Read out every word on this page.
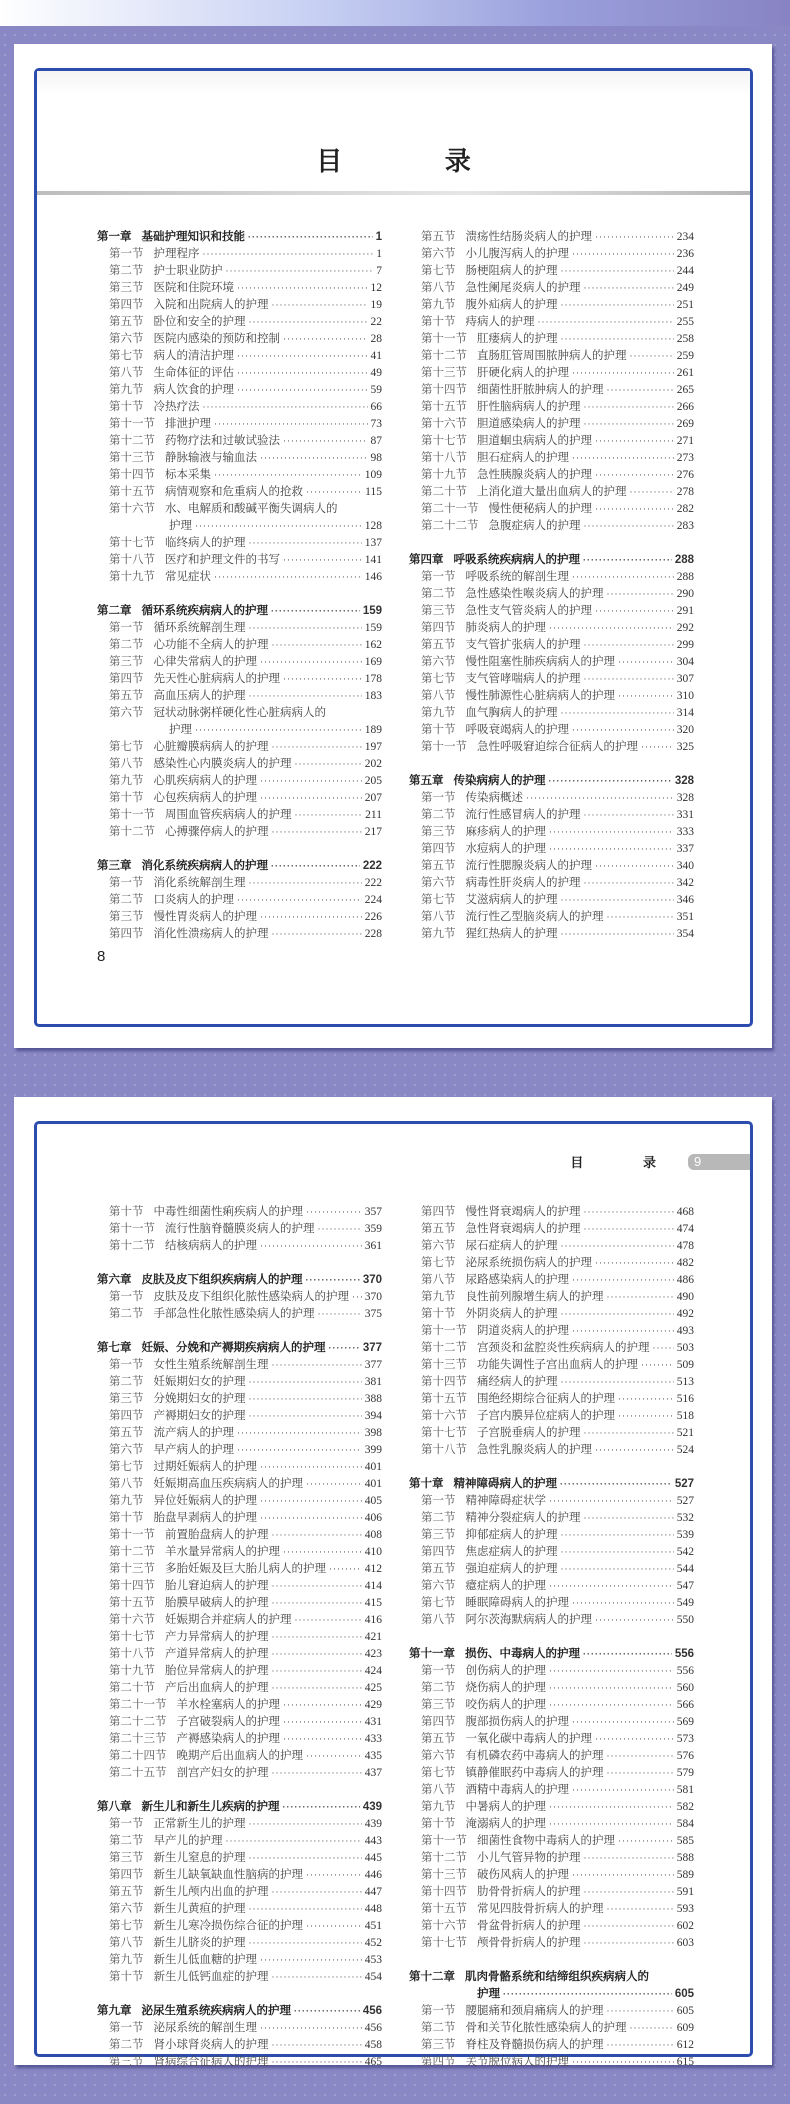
目 录
第一章 基础护理知识和技能 ·····	1
第一节 护理程序 ·····	1
第二节 护士职业防护 ·····	7
第三节 医院和住院环境 ·····	12
第四节 入院和出院病人的护理 ·····	19
第五节 卧位和安全的护理 ·····	22
第六节 医院内感染的预防和控制 ·····	28
第七节 病人的清洁护理 ·····	41
第八节 生命体征的评估 ·····	49
第九节 病人饮食的护理 ·····	59
第十节 冷热疗法 ·····	66
第十一节 排泄护理 ·····	73
第十二节 药物疗法和过敏试验法 ·····	87
第十三节 静脉输液与输血法 ·····	98
第十四节 标本采集 ·····	109
第十五节 病情观察和危重病人的抢救 ·····	115
第十六节 水、电解质和酸碱平衡失调病人的
护理 ·····	128
第十七节 临终病人的护理 ·····	137
第十八节 医疗和护理文件的书写 ·····	141
第十九节 常见症状 ·····	146
第二章 循环系统疾病病人的护理 ·····	159
第一节 循环系统解剖生理 ·····	159
第二节 心功能不全病人的护理 ·····	162
第三节 心律失常病人的护理 ·····	169
第四节 先天性心脏病病人的护理 ·····	178
第五节 高血压病人的护理 ·····	183
第六节 冠状动脉粥样硬化性心脏病病人的
护理 ·····	189
第七节 心脏瓣膜病病人的护理 ·····	197
第八节 感染性心内膜炎病人的护理 ·····	202
第九节 心肌疾病病人的护理 ·····	205
第十节 心包疾病病人的护理 ·····	207
第十一节 周围血管疾病病人的护理 ·····	211
第十二节 心搏骤停病人的护理 ·····	217
第三章 消化系统疾病病人的护理 ·····	222
第一节 消化系统解剖生理 ·····	222
第二节 口炎病人的护理 ·····	224
第三节 慢性胃炎病人的护理 ·····	226
第四节 消化性溃疡病人的护理 ·····	228
第五节 溃疡性结肠炎病人的护理 ·····	234
第六节 小儿腹泻病人的护理 ·····	236
第七节 肠梗阻病人的护理 ·····	244
第八节 急性阑尾炎病人的护理 ·····	249
第九节 腹外疝病人的护理 ·····	251
第十节 痔病人的护理 ·····	255
第十一节 肛瘘病人的护理 ·····	258
第十二节 直肠肛管周围脓肿病人的护理 ·····	259
第十三节 肝硬化病人的护理 ·····	261
第十四节 细菌性肝脓肿病人的护理 ·····	265
第十五节 肝性脑病病人的护理 ·····	266
第十六节 胆道感染病人的护理 ·····	269
第十七节 胆道蛔虫病病人的护理 ·····	271
第十八节 胆石症病人的护理 ·····	273
第十九节 急性胰腺炎病人的护理 ·····	276
第二十节 上消化道大量出血病人的护理 ·····	278
第二十一节 慢性便秘病人的护理 ·····	282
第二十二节 急腹症病人的护理 ·····	283
第四章 呼吸系统疾病病人的护理 ·····	288
第一节 呼吸系统的解剖生理 ·····	288
第二节 急性感染性喉炎病人的护理 ·····	290
第三节 急性支气管炎病人的护理 ·····	291
第四节 肺炎病人的护理 ·····	292
第五节 支气管扩张病人的护理 ·····	299
第六节 慢性阻塞性肺疾病病人的护理 ·····	304
第七节 支气管哮喘病人的护理 ·····	307
第八节 慢性肺源性心脏病病人的护理 ·····	310
第九节 血气胸病人的护理 ·····	314
第十节 呼吸衰竭病人的护理 ·····	320
第十一节 急性呼吸窘迫综合征病人的护理 ·····	325
第五章 传染病病人的护理 ·····	328
第一节 传染病概述 ·····	328
第二节 流行性感冒病人的护理 ·····	331
第三节 麻疹病人的护理 ·····	333
第四节 水痘病人的护理 ·····	337
第五节 流行性腮腺炎病人的护理 ·····	340
第六节 病毒性肝炎病人的护理 ·····	342
第七节 艾滋病病人的护理 ·····	346
第八节 流行性乙型脑炎病人的护理 ·····	351
第九节 猩红热病人的护理 ·····	354
8
目 录 9
第十节 中毒性细菌性痢疾病人的护理 ·····	357
第十一节 流行性脑脊髓膜炎病人的护理 ·····	359
第十二节 结核病病人的护理 ·····	361
第六章 皮肤及皮下组织疾病病人的护理 ·····	370
第一节 皮肤及皮下组织化脓性感染病人的护理 ····· 370
第二节 手部急性化脓性感染病人的护理 ·····	375
第七章 妊娠、分娩和产褥期疾病病人的护理 ·····	377
第一节 女性生殖系统解剖生理 ·····	377
第二节 妊娠期妇女的护理 ·····	381
第三节 分娩期妇女的护理 ·····	388
第四节 产褥期妇女的护理 ·····	394
第五节 流产病人的护理 ·····	398
第六节 早产病人的护理 ·····	399
第七节 过期妊娠病人的护理 ·····	401
第八节 妊娠期高血压疾病病人的护理 ·····	401
第九节 异位妊娠病人的护理 ·····	405
第十节 胎盘早剥病人的护理 ·····	406
第十一节 前置胎盘病人的护理 ·····	408
第十二节 羊水量异常病人的护理 ·····	410
第十三节 多胎妊娠及巨大胎儿病人的护理 ·····	412
第十四节 胎儿窘迫病人的护理 ·····	414
第十五节 胎膜早破病人的护理 ·····	415
第十六节 妊娠期合并症病人的护理 ·····	416
第十七节 产力异常病人的护理 ·····	421
第十八节 产道异常病人的护理 ·····	423
第十九节 胎位异常病人的护理 ·····	424
第二十节 产后出血病人的护理 ·····	425
第二十一节 羊水栓塞病人的护理 ·····	429
第二十二节 子宫破裂病人的护理 ·····	431
第二十三节 产褥感染病人的护理 ·····	433
第二十四节 晚期产后出血病人的护理 ·····	435
第二十五节 剖宫产妇女的护理 ·····	437
第八章 新生儿和新生儿疾病的护理 ·····	439
第一节 正常新生儿的护理 ·····	439
第二节 早产儿的护理 ·····	443
第三节 新生儿窒息的护理 ·····	445
第四节 新生儿缺氧缺血性脑病的护理 ·····	446
第五节 新生儿颅内出血的护理 ·····	447
第六节 新生儿黄疸的护理 ·····	448
第七节 新生儿寒冷损伤综合征的护理 ·····	451
第八节 新生儿脐炎的护理 ·····	452
第九节 新生儿低血糖的护理 ·····	453
第十节 新生儿低钙血症的护理 ·····	454
第九章 泌尿生殖系统疾病病人的护理 ·····	456
第一节 泌尿系统的解剖生理 ·····	456
第二节 肾小球肾炎病人的护理 ·····	458
第三节 肾病综合征病人的护理 ·····	465
第四节 慢性肾衰竭病人的护理 ·····	468
第五节 急性肾衰竭病人的护理 ·····	474
第六节 尿石症病人的护理 ·····	478
第七节 泌尿系统损伤病人的护理 ·····	482
第八节 尿路感染病人的护理 ·····	486
第九节 良性前列腺增生病人的护理 ·····	490
第十节 外阴炎病人的护理 ·····	492
第十一节 阴道炎病人的护理 ·····	493
第十二节 宫颈炎和盆腔炎性疾病病人的护理 ····· 503
第十三节 功能失调性子宫出血病人的护理 ·····	509
第十四节 痛经病人的护理 ·····	513
第十五节 围绝经期综合征病人的护理 ·····	516
第十六节 子宫内膜异位症病人的护理 ·····	518
第十七节 子宫脱垂病人的护理 ·····	521
第十八节 急性乳腺炎病人的护理 ·····	524
第十章 精神障碍病人的护理 ·····	527
第一节 精神障碍症状学 ·····	527
第二节 精神分裂症病人的护理 ·····	532
第三节 抑郁症病人的护理 ·····	539
第四节 焦虑症病人的护理 ·····	542
第五节 强迫症病人的护理 ·····	544
第六节 癔症病人的护理 ·····	547
第七节 睡眠障碍病人的护理 ·····	549
第八节 阿尔茨海默病病人的护理 ·····	550
第十一章 损伤、中毒病人的护理 ·····	556
第一节 创伤病人的护理 ·····	556
第二节 烧伤病人的护理 ·····	560
第三节 咬伤病人的护理 ·····	566
第四节 腹部损伤病人的护理 ·····	569
第五节 一氧化碳中毒病人的护理 ·····	573
第六节 有机磷农药中毒病人的护理 ·····	576
第七节 镇静催眠药中毒病人的护理 ·····	579
第八节 酒精中毒病人的护理 ·····	581
第九节 中暑病人的护理 ·····	582
第十节 淹溺病人的护理 ·····	584
第十一节 细菌性食物中毒病人的护理 ·····	585
第十二节 小儿气管异物的护理 ·····	588
第十三节 破伤风病人的护理 ·····	589
第十四节 肋骨骨折病人的护理 ·····	591
第十五节 常见四肢骨折病人的护理 ·····	593
第十六节 骨盆骨折病人的护理 ·····	602
第十七节 颅骨骨折病人的护理 ·····	603
第十二章 肌肉骨骼系统和结缔组织疾病病人的
护理 ·····	605
第一节 腰腿痛和颈肩痛病人的护理 ·····	605
第二节 骨和关节化脓性感染病人的护理 ·····	609
第三节 脊柱及脊髓损伤病人的护理 ·····	612
第四节 关节脱位病人的护理 ·····	615
